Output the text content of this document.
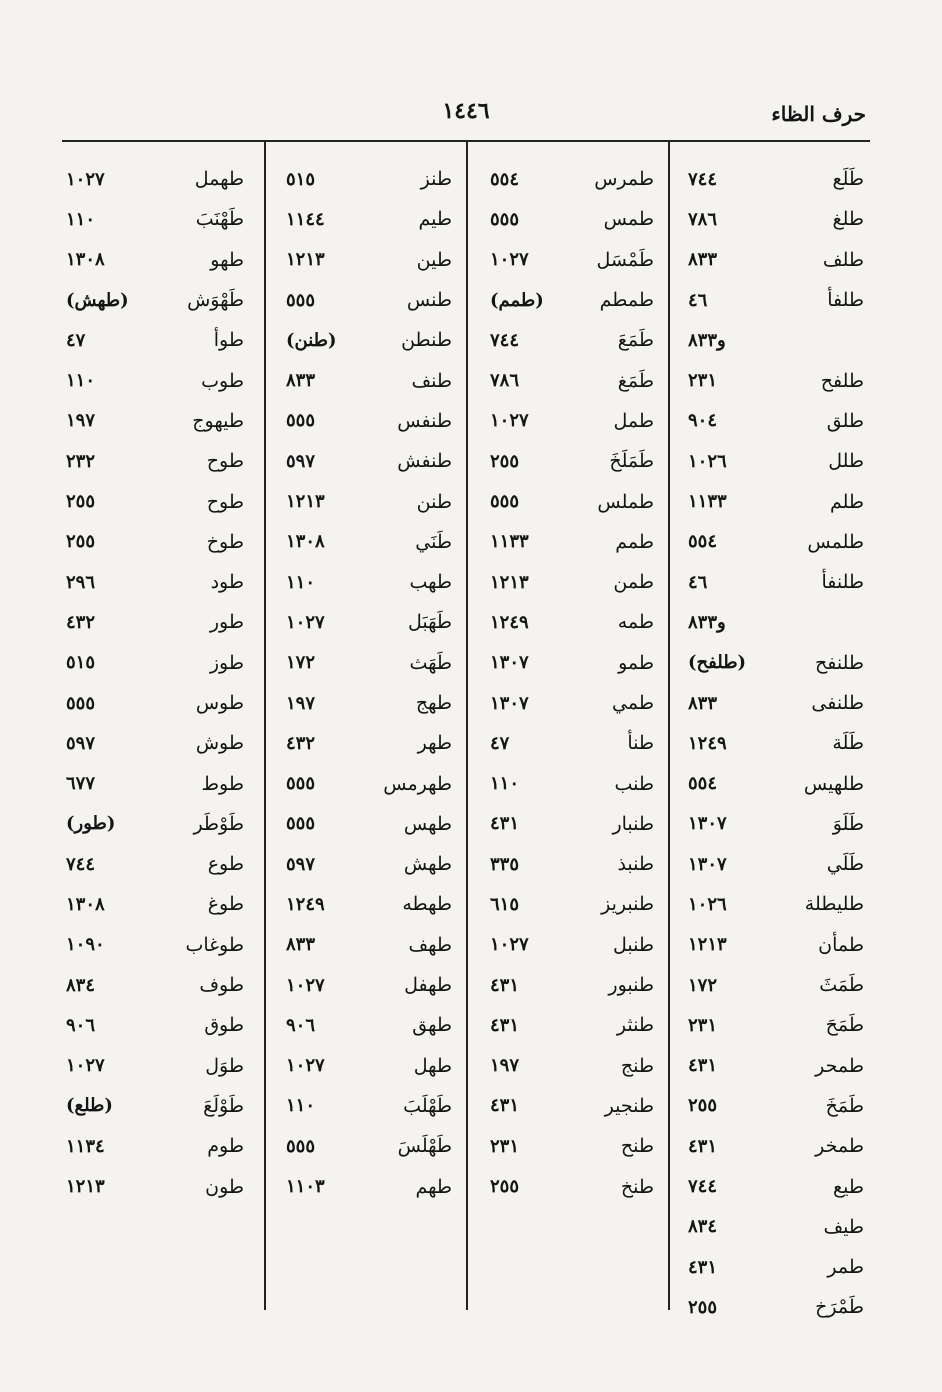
حرف الظاء
١٤٤٦
طَلَع
٧٤٤
طلغ
٧٨٦
طلف
٨٣٣
طلفأ
٤٦
و٨٣٣
طلفح
٢٣١
طلق
٩٠٤
طلل
١٠٢٦
طلم
١١٣٣
طلمس
٥٥٤
طلنفأ
٤٦
و٨٣٣
طلنفح
(طلفح)
طلنفى
٨٣٣
طَلَة
١٢٤٩
طلهيس
٥٥٤
طَلَوَ
١٣٠٧
طَلَي
١٣٠٧
طليطلة
١٠٢٦
طمأن
١٢١٣
طَمَثَ
١٧٢
طَمَحَ
٢٣١
طمحر
٤٣١
طَمَخَ
٢٥٥
طمخر
٤٣١
طيع
٧٤٤
طيف
٨٣٤
طمر
٤٣١
طَمْرَخ
٢٥٥
طمرس
٥٥٤
طمس
٥٥٥
طَمْسَل
١٠٢٧
طمطم
(طمم)
طَمَعَ
٧٤٤
طَمَغ
٧٨٦
طمل
١٠٢٧
طَمَلَخَ
٢٥٥
طملس
٥٥٥
طمم
١١٣٣
طمن
١٢١٣
طمه
١٢٤٩
طمو
١٣٠٧
طمي
١٣٠٧
طنأ
٤٧
طنب
١١٠
طنبار
٤٣١
طنبذ
٣٣٥
طنبريز
٦١٥
طنبل
١٠٢٧
طنبور
٤٣١
طنثر
٤٣١
طنج
١٩٧
طنجير
٤٣١
طنح
٢٣١
طنخ
٢٥٥
طنز
٥١٥
طيم
١١٤٤
طين
١٢١٣
طنس
٥٥٥
طنطن
(طنن)
طنف
٨٣٣
طنفس
٥٥٥
طنفش
٥٩٧
طنن
١٢١٣
طَنَي
١٣٠٨
طهب
١١٠
طَهَبَل
١٠٢٧
طَهَث
١٧٢
طهج
١٩٧
طهر
٤٣٢
طهرمس
٥٥٥
طهس
٥٥٥
طهش
٥٩٧
طهطه
١٢٤٩
طهف
٨٣٣
طهفل
١٠٢٧
طهق
٩٠٦
طهل
١٠٢٧
طَهْلَبَ
١١٠
طَهْلَسَ
٥٥٥
طهم
١١٠٣
طهمل
١٠٢٧
طَهْنَبَ
١١٠
طهو
١٣٠٨
طَهْوَش
(طهش)
طوأ
٤٧
طوب
١١٠
طيهوج
١٩٧
طوح
٢٣٢
طوح
٢٥٥
طوخ
٢٥٥
طود
٢٩٦
طور
٤٣٢
طوز
٥١٥
طوس
٥٥٥
طوش
٥٩٧
طوط
٦٧٧
طَوْطَر
(طور)
طوع
٧٤٤
طوغ
١٣٠٨
طوغاب
١٠٩٠
طوف
٨٣٤
طوق
٩٠٦
طوَل
١٠٢٧
طَوْلَعَ
(طلع)
طوم
١١٣٤
طون
١٢١٣
